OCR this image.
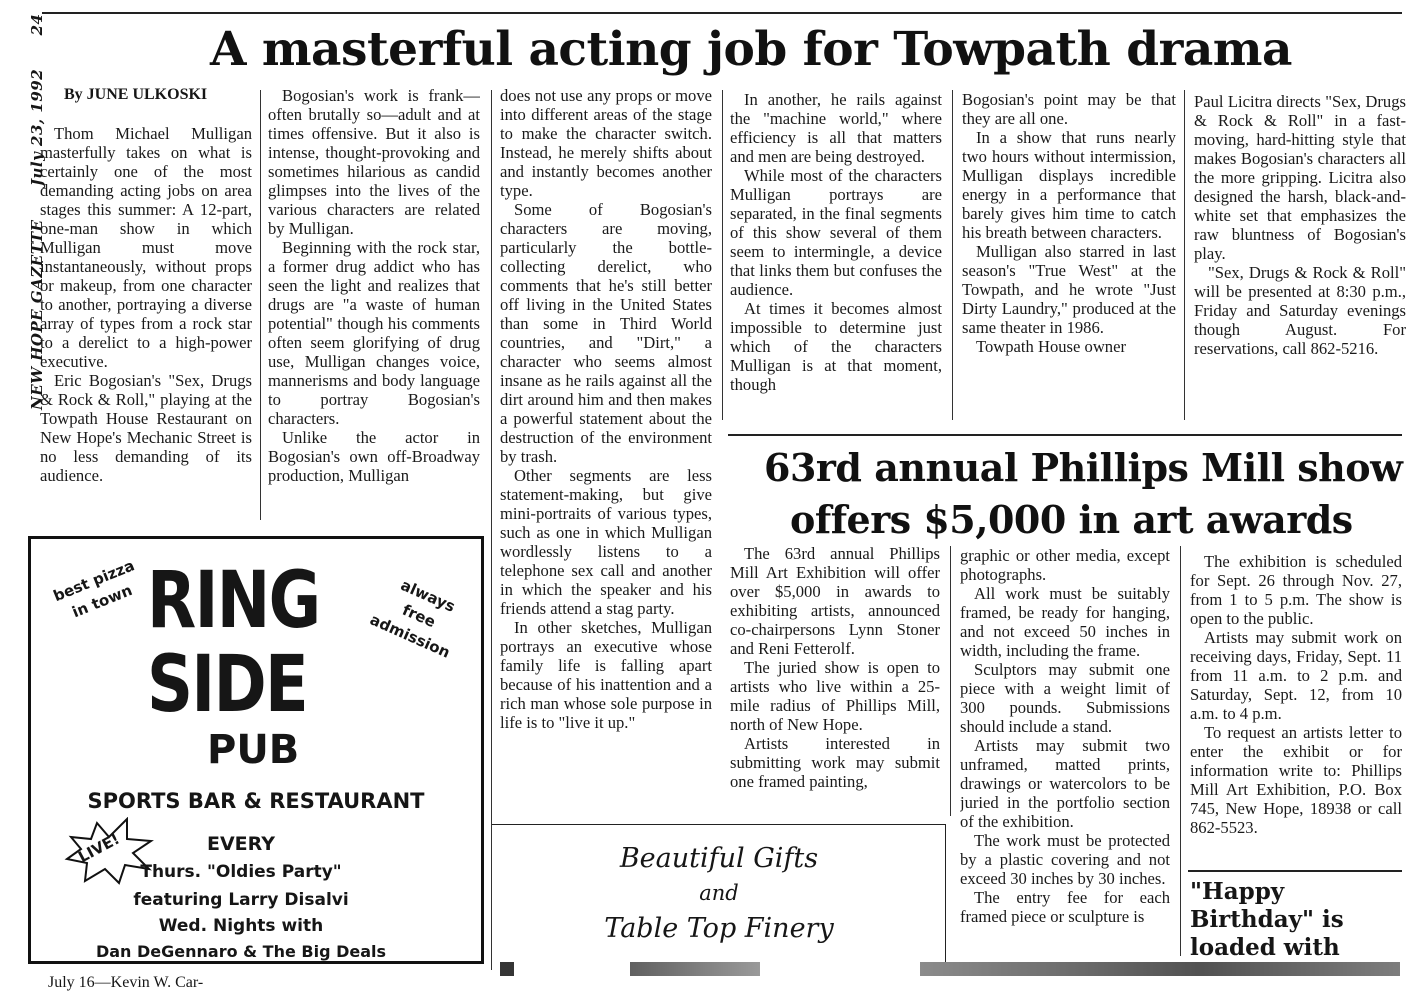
NEW HOPE GAZETTE  July 23, 1992  24	A masterful acting job for Towpath drama
By JUNE ULKOSKI

Thom Michael Mulligan masterfully takes on what is certainly one of the most demanding acting jobs on area stages this summer: A 12-part, one-man show in which Mulligan must move instantaneously, without props or makeup, from one character to another, portraying a diverse array of types from a rock star to a derelict to a high-power executive.

Eric Bogosian's "Sex, Drugs & Rock & Roll," playing at the Towpath House Restaurant on New Hope's Mechanic Street is no less demanding of its audience.

Bogosian's work is frank—often brutally so—adult and at times offensive. But it also is intense, thought-provoking and sometimes hilarious as candid glimpses into the lives of the various characters are related by Mulligan.

Beginning with the rock star, a former drug addict who has seen the light and realizes that drugs are "a waste of human potential" though his comments often seem glorifying of drug use, Mulligan changes voice, mannerisms and body language to portray Bogosian's characters.

Unlike the actor in Bogosian's own off-Broadway production, Mulligan

does not use any props or move into different areas of the stage to make the character switch. Instead, he merely shifts about and instantly becomes another type.

Some of Bogosian's characters are moving, particularly the bottle-collecting derelict, who comments that he's still better off living in the United States than some in Third World countries, and "Dirt," a character who seems almost insane as he rails against all the dirt around him and then makes a powerful statement about the destruction of the environment by trash.

Other segments are less statement-making, but give mini-portraits of various types, such as one in which Mulligan wordlessly listens to a telephone sex call and another in which the speaker and his friends attend a stag party.

In other sketches, Mulligan portrays an executive whose family life is falling apart because of his inattention and a rich man whose sole purpose in life is to "live it up."

In another, he rails against the "machine world," where efficiency is all that matters and men are being destroyed.

While most of the characters Mulligan portrays are separated, in the final segments of this show several of them seem to intermingle, a device that links them but confuses the audience.

At times it becomes almost impossible to determine just which of the characters Mulligan is at that moment, though

Bogosian's point may be that they are all one.

In a show that runs nearly two hours without intermission, Mulligan displays incredible energy in a performance that barely gives him time to catch his breath between characters.

Mulligan also starred in last season's "True West" at the Towpath, and he wrote "Just Dirty Laundry," produced at the same theater in 1986.

Towpath House owner

Paul Licitra directs "Sex, Drugs & Rock & Roll" in a fast-moving, hard-hitting style that makes Bogosian's characters all the more gripping. Licitra also designed the harsh, black-and-white set that emphasizes the raw bluntness of Bogosian's play.

"Sex, Drugs & Rock & Roll" will be presented at 8:30 p.m., Friday and Saturday evenings though August. For reservations, call 862-5216.

63rd annual Phillips Mill show
offers $5,000 in art awards

The 63rd annual Phillips Mill Art Exhibition will offer over $5,000 in awards to exhibiting artists, announced co-chairpersons Lynn Stoner and Reni Fetterolf.

The juried show is open to artists who live within a 25-mile radius of Phillips Mill, north of New Hope.

Artists interested in submitting work may submit one framed painting,

graphic or other media, except photographs.

All work must be suitably framed, be ready for hanging, and not exceed 50 inches in width, including the frame.

Sculptors may submit one piece with a weight limit of 300 pounds. Submissions should include a stand.

Artists may submit two unframed, matted prints, drawings or watercolors to be juried in the portfolio section of the exhibition.

The work must be protected by a plastic covering and not exceed 30 inches by 30 inches.

The entry fee for each framed piece or sculpture is

The exhibition is scheduled for Sept. 26 through Nov. 27, from 1 to 5 p.m. The show is open to the public.

Artists may submit work on receiving days, Friday, Sept. 11 from 11 a.m. to 2 p.m. and Saturday, Sept. 12, from 10 a.m. to 4 p.m.

To request an artists letter to enter the exhibit or for information write to: Phillips Mill Art Exhibition, P.O. Box 745, New Hope, 18938 or call 862-5523.

"Happy Birthday" is loaded with
best pizza in town	always free admission
RING
SIDE
PUB
SPORTS BAR & RESTAURANT
LIVE!	EVERY
Thurs. "Oldies Party"
featuring Larry Disalvi
Wed. Nights with
Dan DeGennaro & The Big Deals
Beautiful Gifts
and
Table Top Finery
July 16—Kevin W. Car-
